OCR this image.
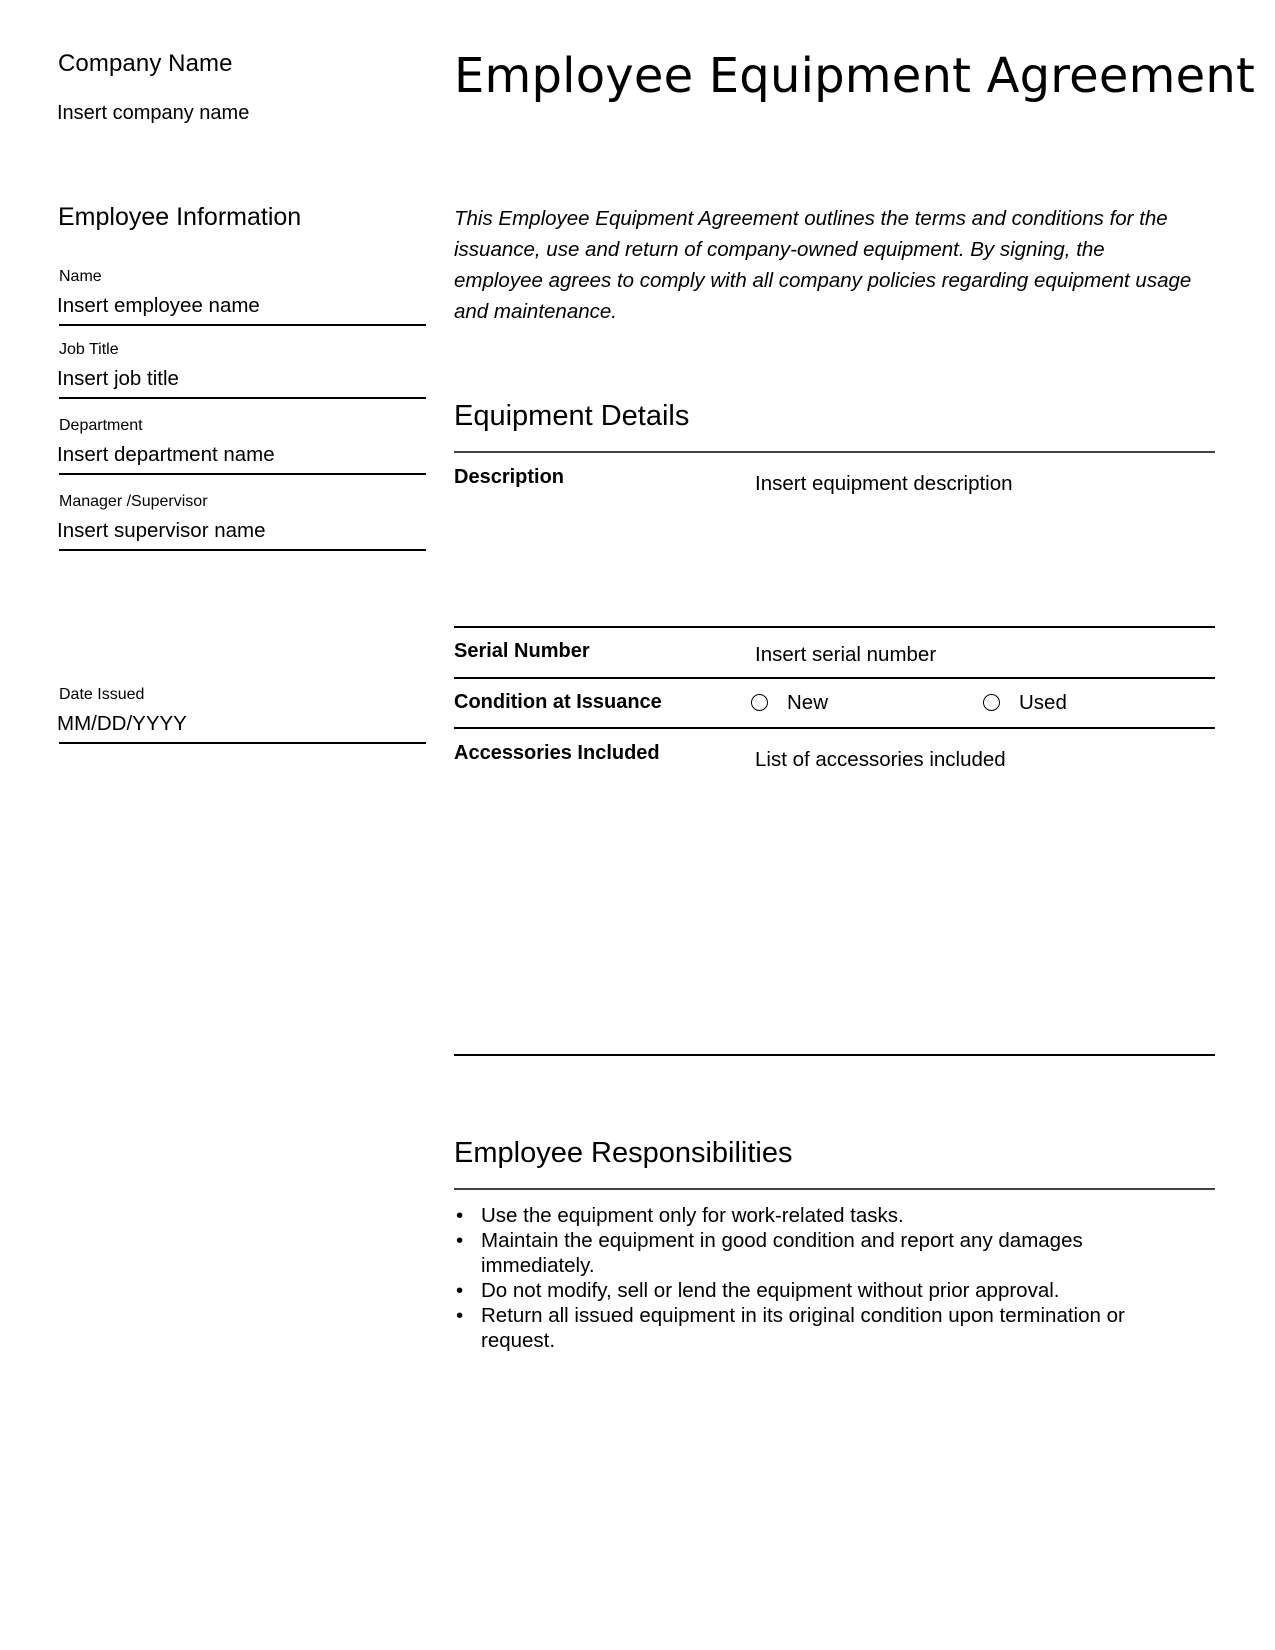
Company Name
Insert company name
Employee Information
Name
Insert employee name
Job Title
Insert job title
Department
Insert department name
Manager /Supervisor
Insert supervisor name
Date Issued
MM/DD/YYYY
Employee Equipment Agreement
This Employee Equipment Agreement outlines the terms and conditions for the issuance, use and return of company-owned equipment. By signing, the employee agrees to comply with all company policies regarding equipment usage and maintenance.
Equipment Details
Description	Insert equipment description
Serial Number	Insert serial number
Condition at Issuance	New	Used
Accessories Included	List of accessories included
Employee Responsibilities
• Use the equipment only for work-related tasks.
• Maintain the equipment in good condition and report any damages immediately.
• Do not modify, sell or lend the equipment without prior approval.
• Return all issued equipment in its original condition upon termination or request.
